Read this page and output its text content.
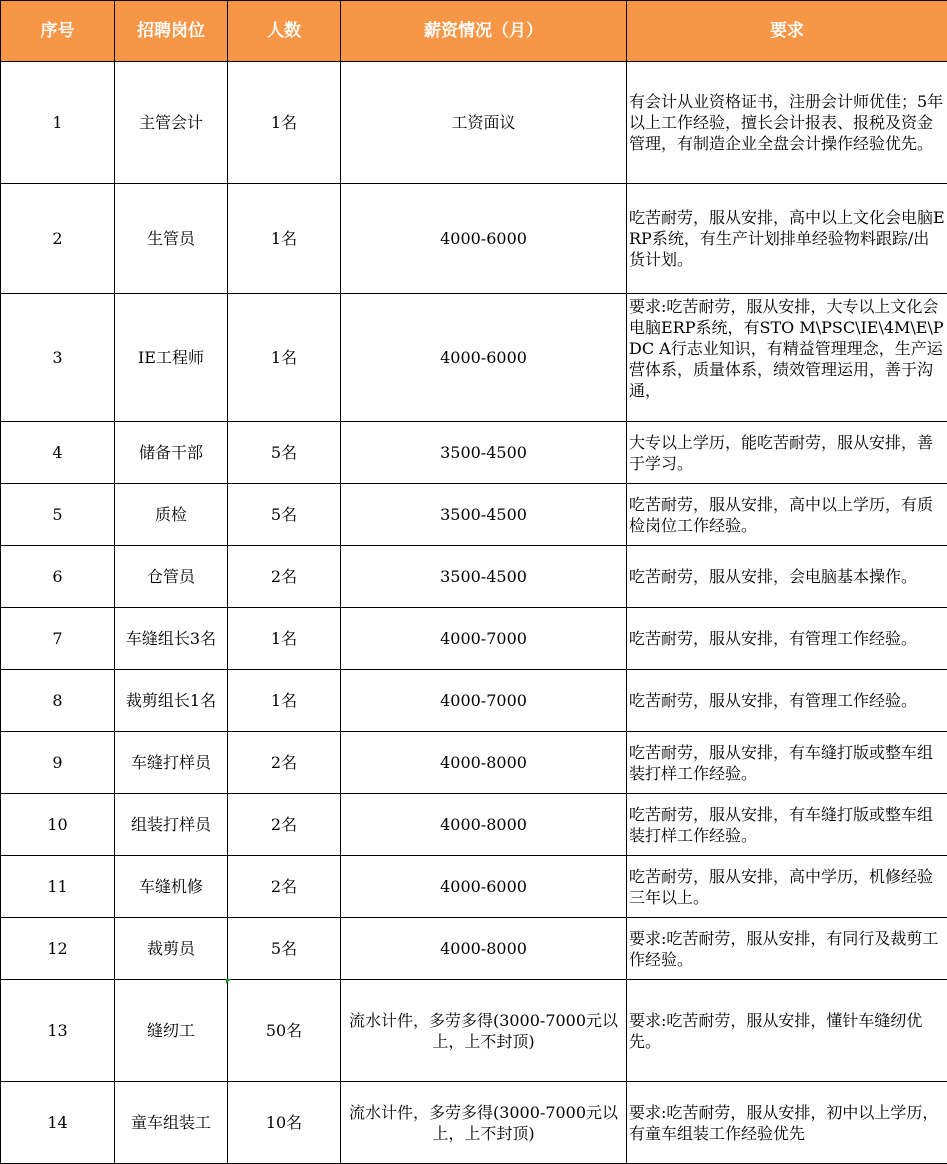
序号	招聘岗位	人数	薪资情况（月）	要求
1	主管会计	1名	工资面议	有会计从业资格证书，注册会计师优佳；5年以上工作经验，擅长会计报表、报税及资金管理，有制造企业全盘会计操作经验优先。
2	生管员	1名	4000-6000	吃苦耐劳，服从安排，高中以上文化会电脑ERP系统，有生产计划排单经验物料跟踪/出货计划。
3	IE工程师	1名	4000-6000	要求:吃苦耐劳，服从安排，大专以上文化会电脑ERP系统，有STO M\PSC\IE\4M\E\PDC A行志业知识，有精益管理理念，生产运营体系，质量体系，绩效管理运用，善于沟通，
4	储备干部	5名	3500-4500	大专以上学历，能吃苦耐劳，服从安排，善于学习。
5	质检	5名	3500-4500	吃苦耐劳，服从安排，高中以上学历，有质检岗位工作经验。
6	仓管员	2名	3500-4500	吃苦耐劳，服从安排，会电脑基本操作。
7	车缝组长3名	1名	4000-7000	吃苦耐劳，服从安排，有管理工作经验。
8	裁剪组长1名	1名	4000-7000	吃苦耐劳，服从安排，有管理工作经验。
9	车缝打样员	2名	4000-8000	吃苦耐劳，服从安排，有车缝打版或整车组装打样工作经验。
10	组装打样员	2名	4000-8000	吃苦耐劳，服从安排，有车缝打版或整车组装打样工作经验。
11	车缝机修	2名	4000-6000	吃苦耐劳，服从安排，高中学历，机修经验三年以上。
12	裁剪员	5名	4000-8000	要求:吃苦耐劳，服从安排，有同行及裁剪工作经验。
13	缝纫工	50名	流水计件，多劳多得(3000-7000元以上，上不封顶)	要求:吃苦耐劳，服从安排，懂针车缝纫优先。
14	童车组装工	10名	流水计件，多劳多得(3000-7000元以上，上不封顶)	要求:吃苦耐劳，服从安排，初中以上学历，有童车组装工作经验优先
